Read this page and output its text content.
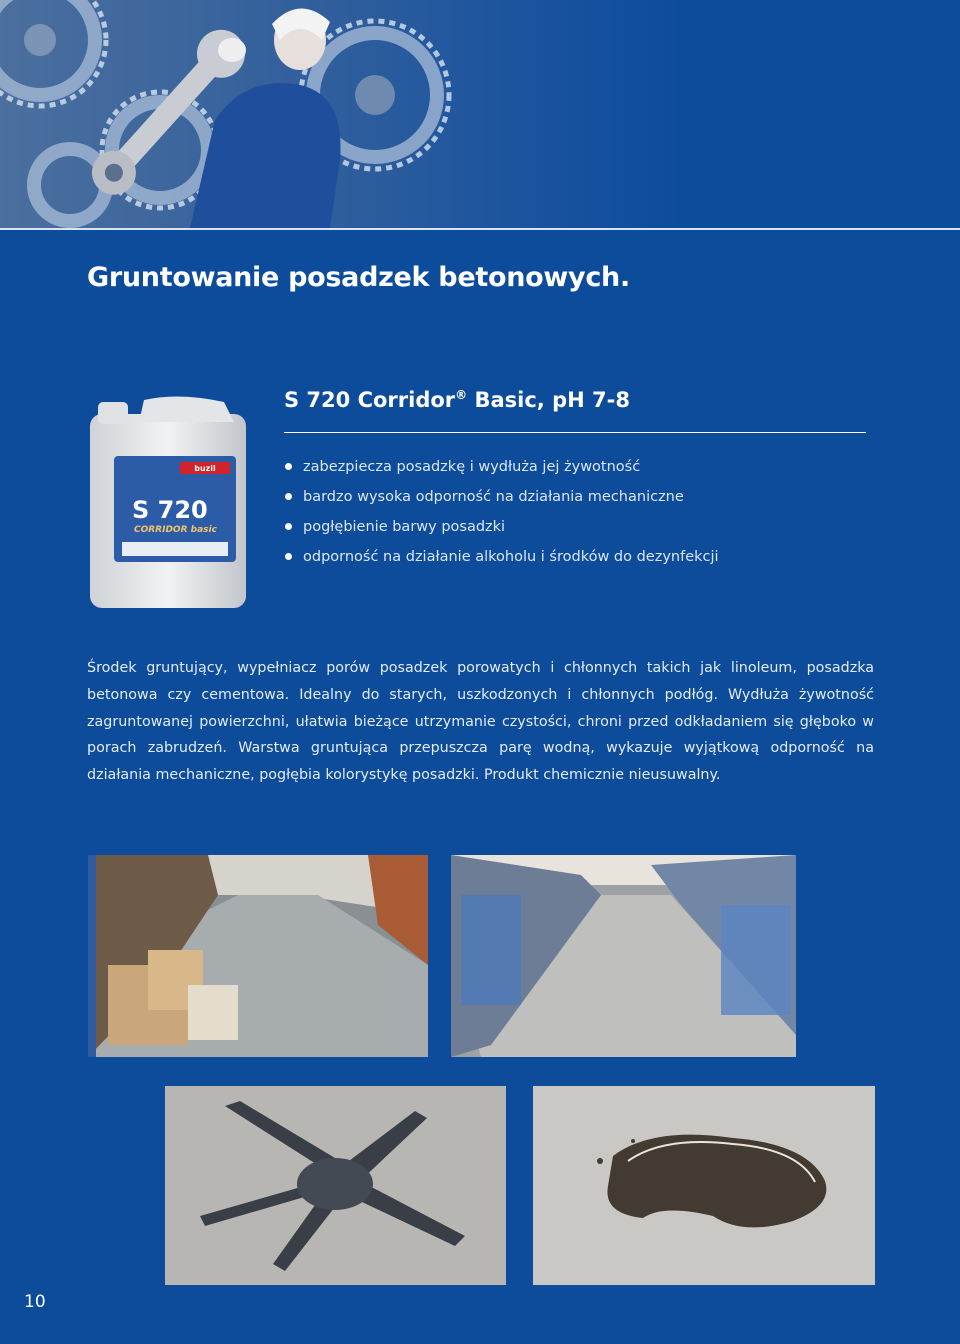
Gruntowanie posadzek betonowych.
buzil
S 720
CORRIDOR basic
S 720 Corridor® Basic, pH 7-8
zabezpiecza posadzkę i wydłuża jej żywotność
bardzo wysoka odporność na działania mechaniczne
pogłębienie barwy posadzki
odporność na działanie alkoholu i środków do dezynfekcji

Środek gruntujący, wypełniacz porów posadzek porowatych i chłonnych takich jak linoleum, posadzka betonowa czy cementowa. Idealny do starych, uszkodzonych i chłonnych podłóg. Wydłuża żywotność zagruntowanej powierzchni, ułatwia bieżące utrzymanie czystości, chroni przed odkładaniem się głęboko w porach zabrudzeń. Warstwa gruntująca przepuszcza parę wodną, wykazuje wyjątkową odporność na działania mechaniczne, pogłębia kolorystykę posadzki. Produkt chemicznie nieusuwalny.

10
